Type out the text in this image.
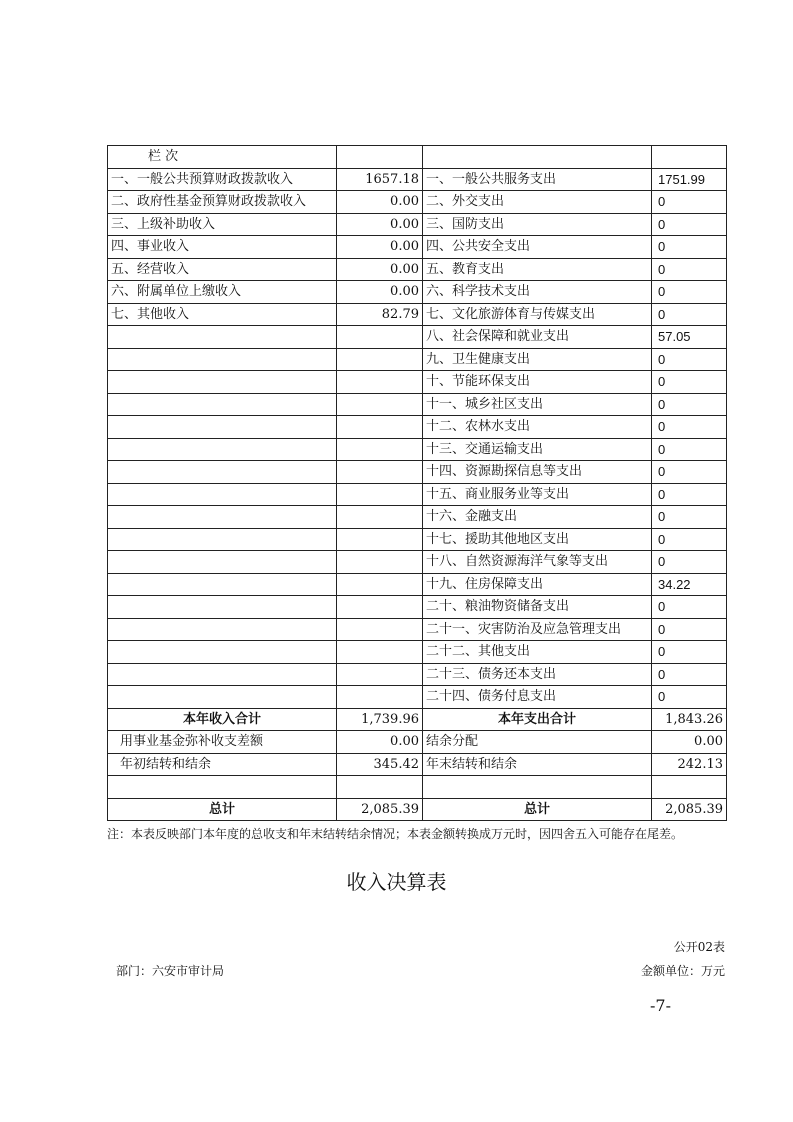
栏 次			
一、一般公共预算财政拨款收入	1657.18	一、一般公共服务支出	1751.99
二、政府性基金预算财政拨款收入	0.00	二、外交支出	0
三、上级补助收入	0.00	三、国防支出	0
四、事业收入	0.00	四、公共安全支出	0
五、经营收入	0.00	五、教育支出	0
六、附属单位上缴收入	0.00	六、科学技术支出	0
七、其他收入	82.79	七、文化旅游体育与传媒支出	0
		八、社会保障和就业支出	57.05
		九、卫生健康支出	0
		十、节能环保支出	0
		十一、城乡社区支出	0
		十二、农林水支出	0
		十三、交通运输支出	0
		十四、资源勘探信息等支出	0
		十五、商业服务业等支出	0
		十六、金融支出	0
		十七、援助其他地区支出	0
		十八、自然资源海洋气象等支出	0
		十九、住房保障支出	34.22
		二十、粮油物资储备支出	0
		二十一、灾害防治及应急管理支出	0
		二十二、其他支出	0
		二十三、债务还本支出	0
		二十四、债务付息支出	0
本年收入合计	1,739.96	本年支出合计	1,843.26
用事业基金弥补收支差额	0.00	结余分配	0.00
年初结转和结余	345.42	年末结转和结余	242.13

总计	2,085.39	总计	2,085.39
注：本表反映部门本年度的总收支和年末结转结余情况；本表金额转换成万元时，因四舍五入可能存在尾差。
收入决算表
公开02表
金额单位：万元
部门：六安市审计局
-7-
